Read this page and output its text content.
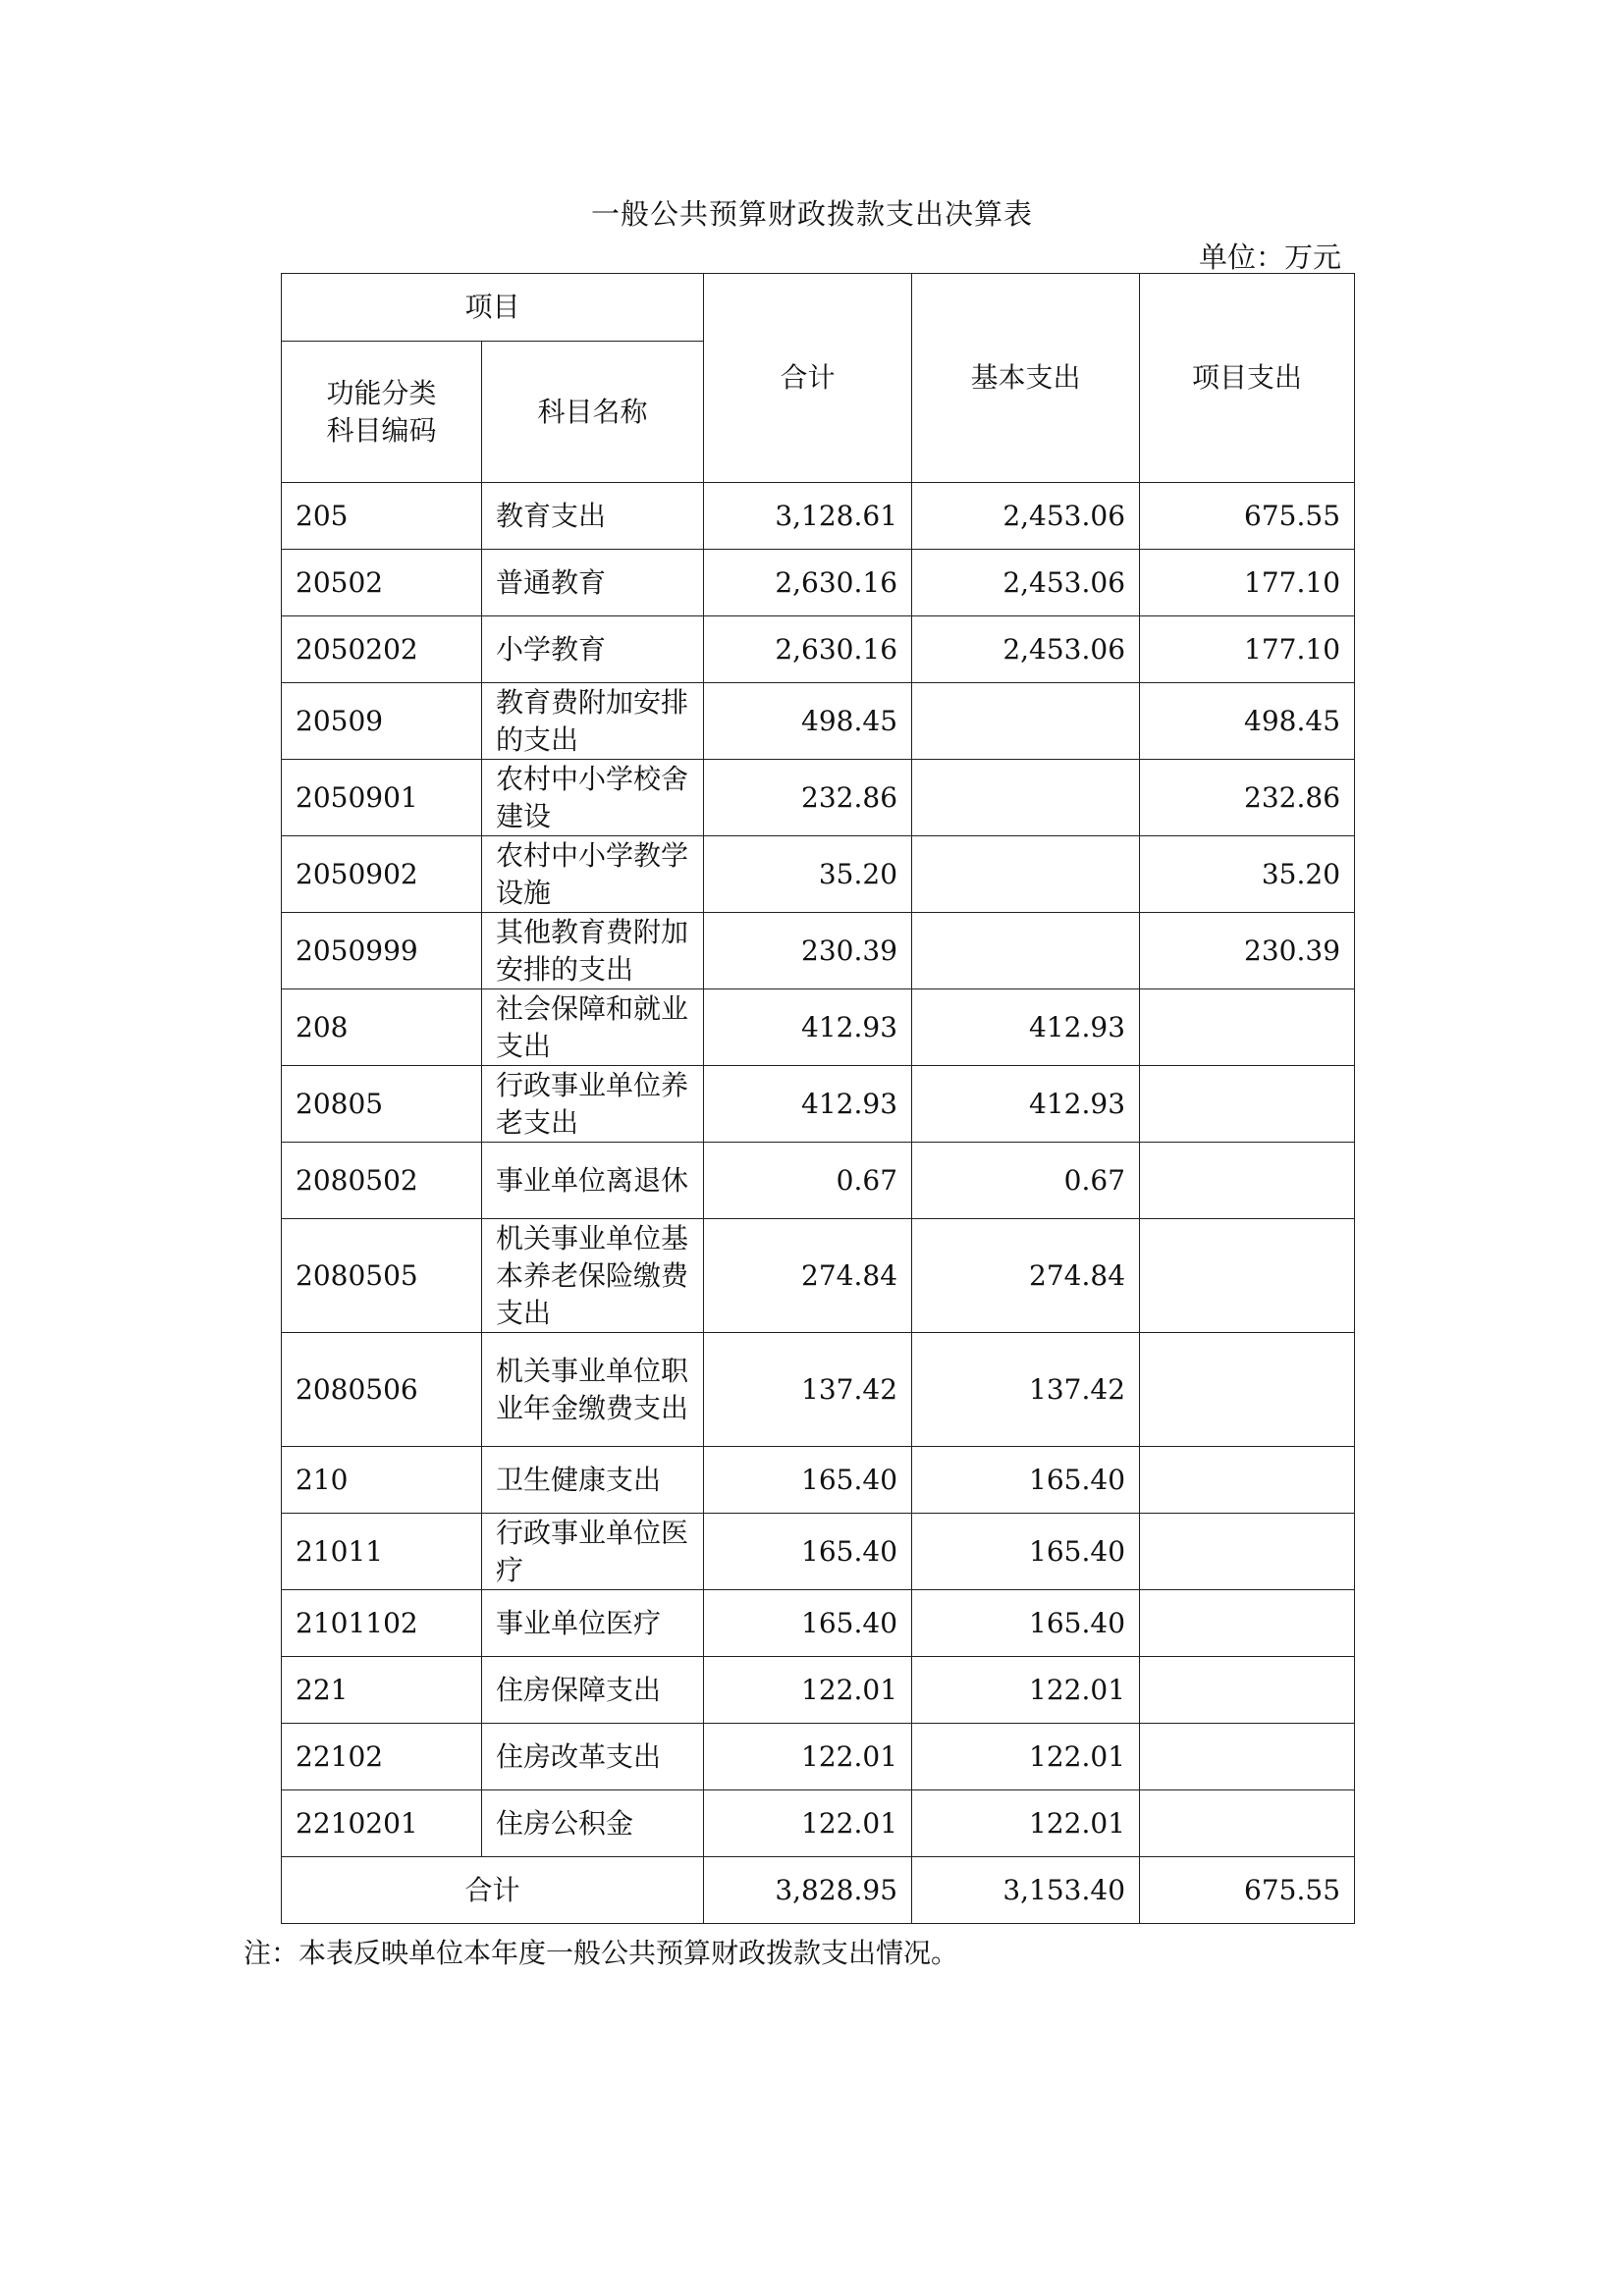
一般公共预算财政拨款支出决算表
单位：万元
项目		合计	基本支出	项目支出
功能分类
科目编码	科目名称			
205	教育支出	3,128.61	2,453.06	675.55
20502	普通教育	2,630.16	2,453.06	177.10
2050202	小学教育	2,630.16	2,453.06	177.10
20509	教育费附加安排的支出	498.45		498.45
2050901	农村中小学校舍建设	232.86		232.86
2050902	农村中小学教学设施	35.20		35.20
2050999	其他教育费附加安排的支出	230.39		230.39
208	社会保障和就业支出	412.93	412.93	
20805	行政事业单位养老支出	412.93	412.93	
2080502	事业单位离退休	0.67	0.67	
2080505	机关事业单位基本养老保险缴费支出	274.84	274.84	
2080506	机关事业单位职业年金缴费支出	137.42	137.42	
210	卫生健康支出	165.40	165.40	
21011	行政事业单位医疗	165.40	165.40	
2101102	事业单位医疗	165.40	165.40	
221	住房保障支出	122.01	122.01	
22102	住房改革支出	122.01	122.01	
2210201	住房公积金	122.01	122.01	
合计		3,828.95	3,153.40	675.55
注：本表反映单位本年度一般公共预算财政拨款支出情况。
